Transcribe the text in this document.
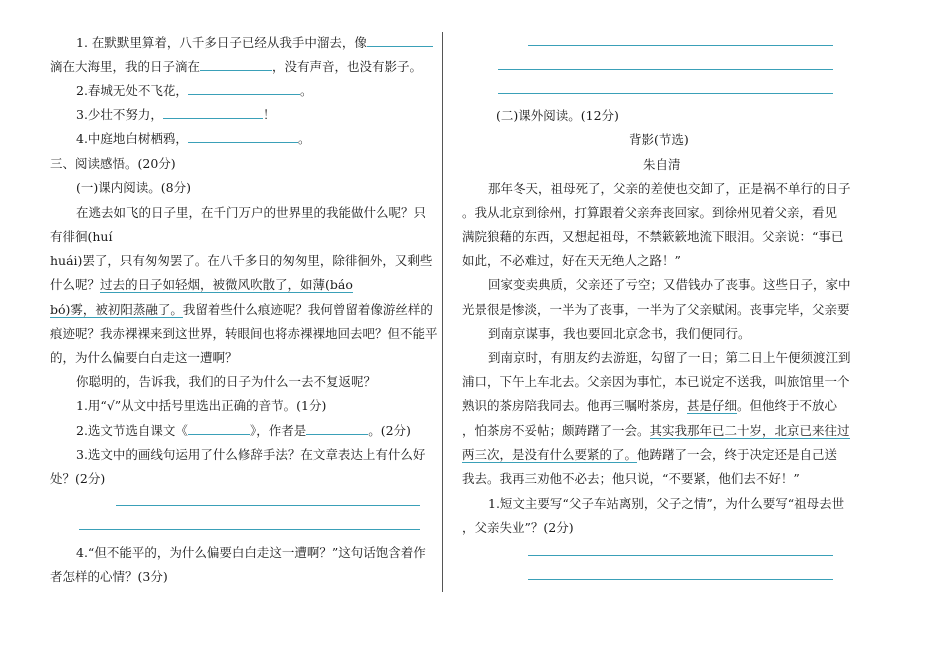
1. 在默默里算着，八千多日子已经从我手中溜去，像
滴在大海里，我的日子滴在	，没有声音，也没有影子。
2.春城无处不飞花，	。
3.少壮不努力，	！
4.中庭地白树栖鸦，	。
三、阅读感悟。(20分)
(一)课内阅读。(8分)
在逃去如飞的日子里，在千门万户的世界里的我能做什么呢？只
有徘徊(huí
huái)罢了，只有匆匆罢了。在八千多日的匆匆里，除徘徊外，又剩些
什么呢？过去的日子如轻烟，被微风吹散了，如薄(báo
bó)雾，被初阳蒸融了。我留着些什么痕迹呢？我何曾留着像游丝样的
痕迹呢？我赤裸裸来到这世界，转眼间也将赤裸裸地回去吧？但不能平
的，为什么偏要白白走这一遭啊？
你聪明的，告诉我，我们的日子为什么一去不复返呢？
1.用“√”从文中括号里选出正确的音节。(1分)
2.选文节选自课文《	》，作者是	。(2分)
3.选文中的画线句运用了什么修辞手法？在文章表达上有什么好
处？(2分)
4.“但不能平的，为什么偏要白白走这一遭啊？”这句话饱含着作
者怎样的心情？(3分)
(二)课外阅读。(12分)
背影(节选)
朱自清
那年冬天，祖母死了，父亲的差使也交卸了，正是祸不单行的日子
。我从北京到徐州，打算跟着父亲奔丧回家。到徐州见着父亲，看见
满院狼藉的东西，又想起祖母，不禁簌簌地流下眼泪。父亲说：“事已
如此，不必难过，好在天无绝人之路！”
回家变卖典质，父亲还了亏空；又借钱办了丧事。这些日子，家中
光景很是惨淡，一半为了丧事，一半为了父亲赋闲。丧事完毕，父亲要
到南京谋事，我也要回北京念书，我们便同行。
到南京时，有朋友约去游逛，勾留了一日；第二日上午便须渡江到
浦口，下午上车北去。父亲因为事忙，本已说定不送我，叫旅馆里一个
熟识的茶房陪我同去。他再三嘱咐茶房，甚是仔细。但他终于不放心
，怕茶房不妥帖；颇踌躇了一会。其实我那年已二十岁，北京已来往过
两三次，是没有什么要紧的了。他踌躇了一会，终于决定还是自己送
我去。我再三劝他不必去；他只说，“不要紧，他们去不好！”
1.短文主要写“父子车站离别，父子之情”，为什么要写“祖母去世
，父亲失业”？(2分)
